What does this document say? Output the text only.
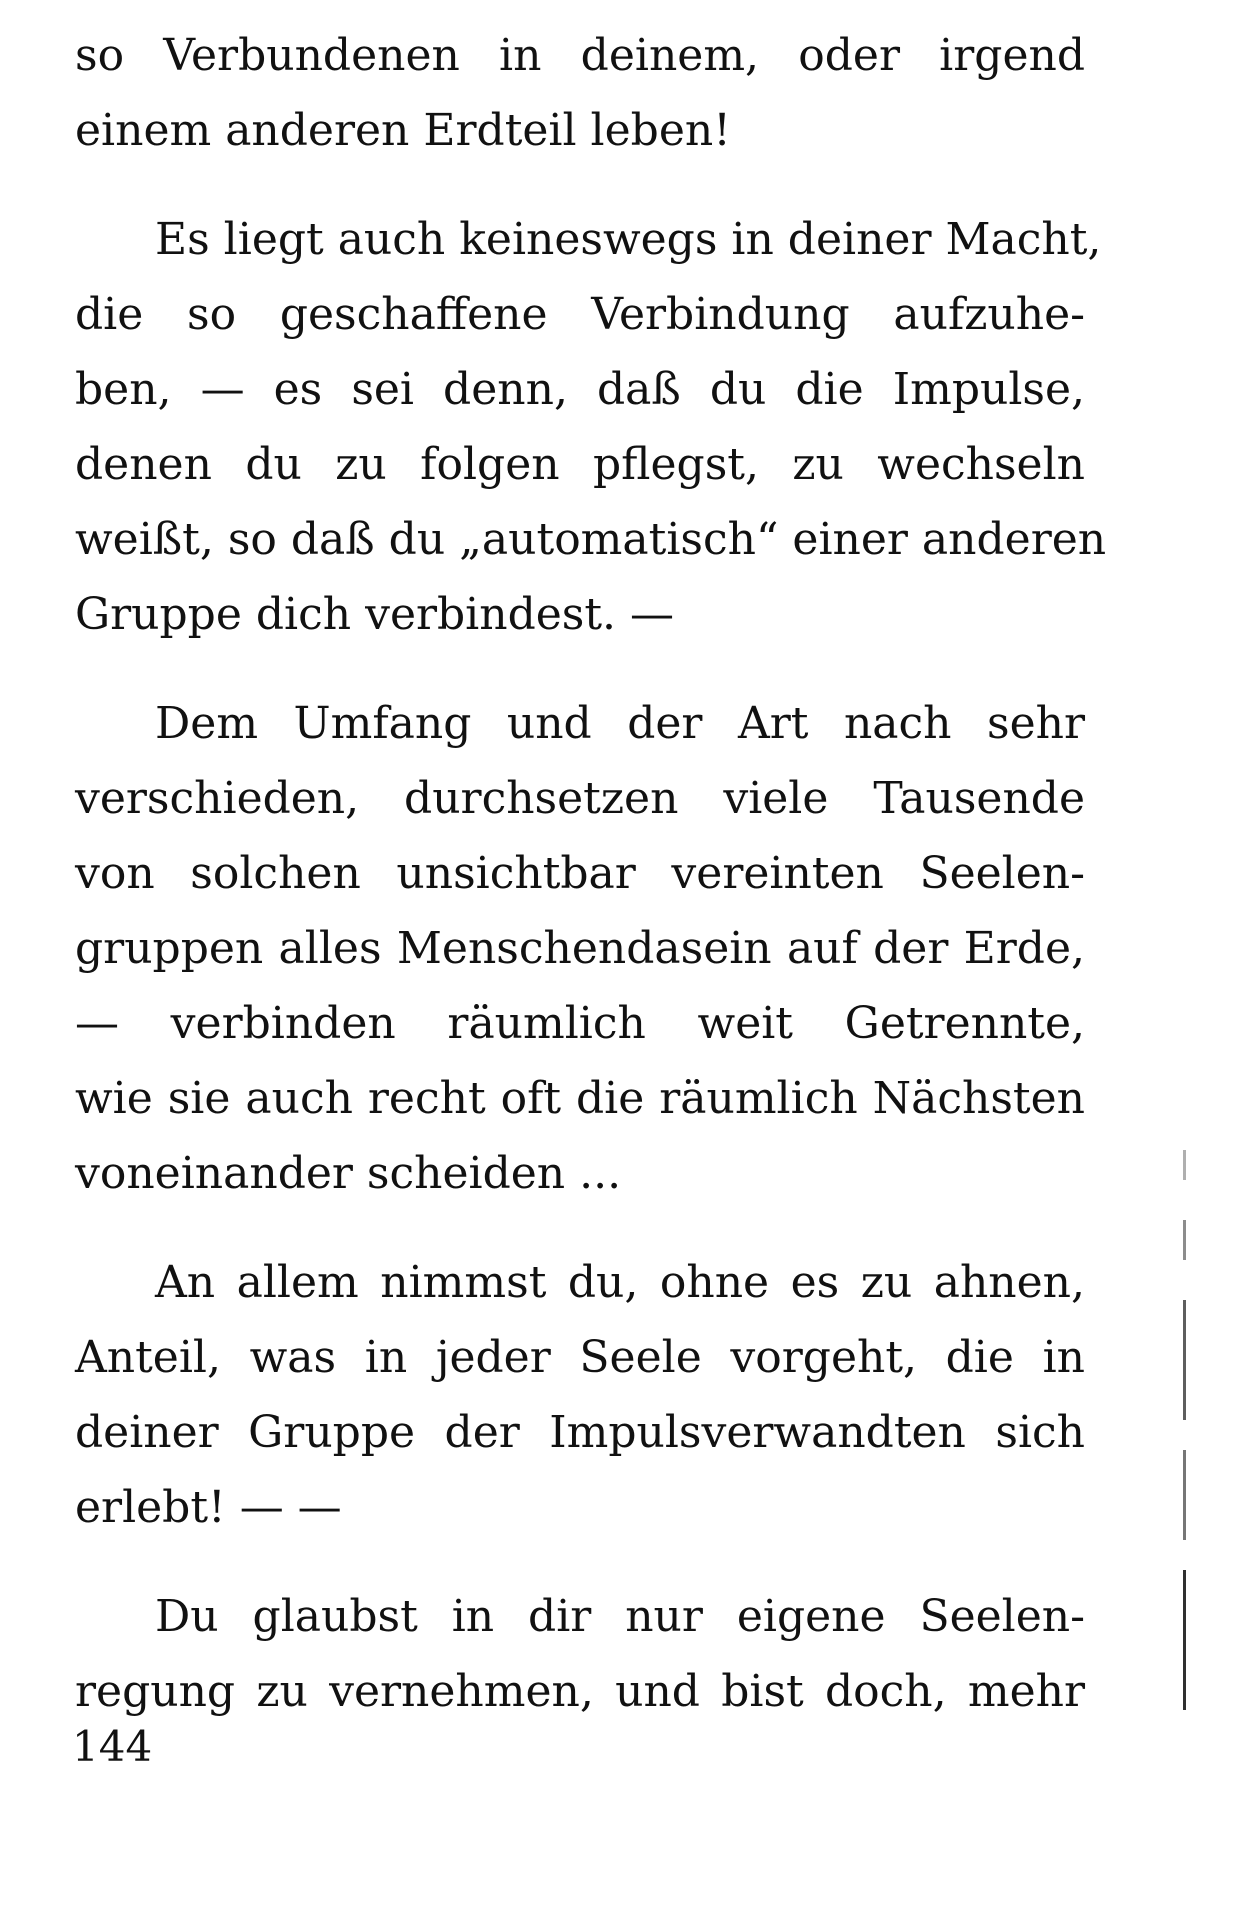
so Verbundenen in deinem, oder irgend
einem anderen Erdteil leben!

Es liegt auch keineswegs in deiner Macht,
die so geschaffene Verbindung aufzuhe-
ben, — es sei denn, daß du die Impulse,
denen du zu folgen pflegst, zu wechseln
weißt, so daß du „automatisch“ einer anderen
Gruppe dich verbindest. —

Dem Umfang und der Art nach sehr
verschieden, durchsetzen viele Tausende
von solchen unsichtbar vereinten Seelen-
gruppen alles Menschendasein auf der Erde,
— verbinden räumlich weit Getrennte,
wie sie auch recht oft die räumlich Nächsten
voneinander scheiden ...

An allem nimmst du, ohne es zu ahnen,
Anteil, was in jeder Seele vorgeht, die in
deiner Gruppe der Impulsverwandten sich
erlebt! — —

Du glaubst in dir nur eigene Seelen-
regung zu vernehmen, und bist doch, mehr

144
